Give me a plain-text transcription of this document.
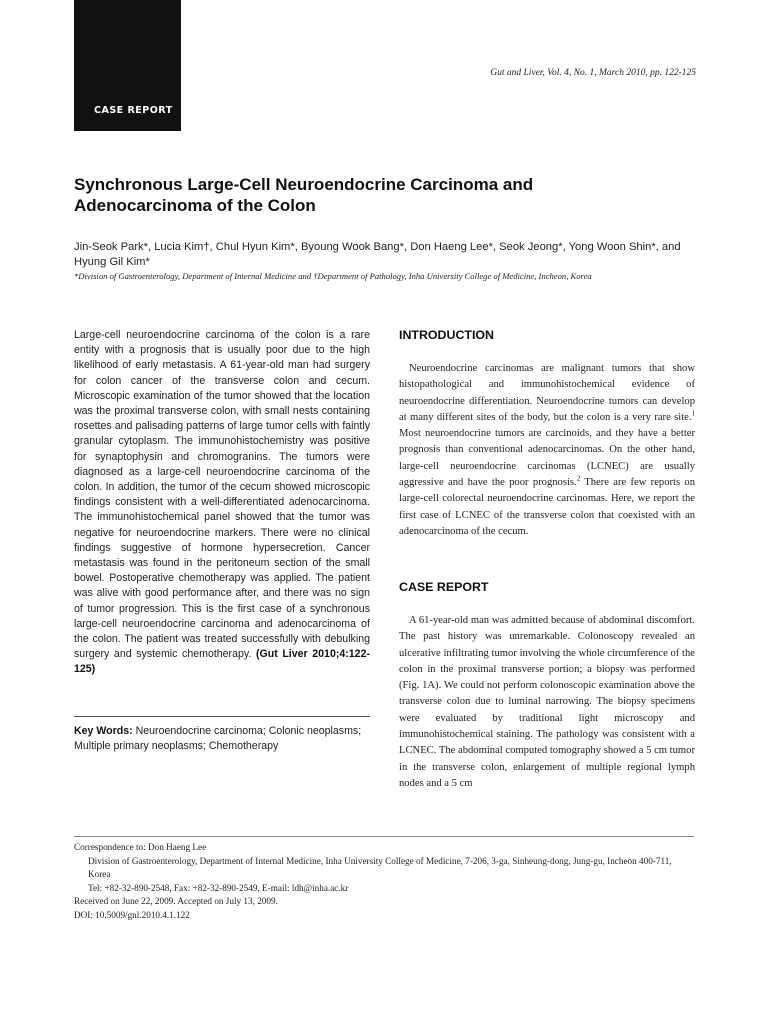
CASE REPORT
Gut and Liver, Vol. 4, No. 1, March 2010, pp. 122-125
Synchronous Large-Cell Neuroendocrine Carcinoma and Adenocarcinoma of the Colon
Jin-Seok Park*, Lucia Kim†, Chul Hyun Kim*, Byoung Wook Bang*, Don Haeng Lee*, Seok Jeong*, Yong Woon Shin*, and Hyung Gil Kim*
*Division of Gastroenterology, Department of Internal Medicine and †Department of Pathology, Inha University College of Medicine, Incheon, Korea

Large-cell neuroendocrine carcinoma of the colon is a rare entity with a prognosis that is usually poor due to the high likelihood of early metastasis. A 61-year-old man had surgery for colon cancer of the transverse colon and cecum. Microscopic examination of the tumor showed that the location was the proximal transverse colon, with small nests containing rosettes and palisading patterns of large tumor cells with faintly granular cytoplasm. The immunohistochemistry was positive for synaptophysin and chromogranins. The tumors were diagnosed as a large-cell neuroendocrine carcinoma of the colon. In addition, the tumor of the cecum showed microscopic findings consistent with a well-differentiated adenocarcinoma. The immunohistochemical panel showed that the tumor was negative for neuroendocrine markers. There were no clinical findings suggestive of hormone hypersecretion. Cancer metastasis was found in the peritoneum section of the small bowel. Postoperative chemotherapy was applied. The patient was alive with good performance after, and there was no sign of tumor progression. This is the first case of a synchronous large-cell neuroendocrine carcinoma and adenocarcinoma of the colon. The patient was treated successfully with debulking surgery and systemic chemotherapy. (Gut Liver 2010;4:122-125)

Key Words: Neuroendocrine carcinoma; Colonic neoplasms; Multiple primary neoplasms; Chemotherapy

INTRODUCTION

Neuroendocrine carcinomas are malignant tumors that show histopathological and immunohistochemical evidence of neuroendocrine differentiation. Neuroendocrine tumors can develop at many different sites of the body, but the colon is a very rare site.$^1$ Most neuroendocrine tumors are carcinoids, and they have a better prognosis than conventional adenocarcinomas. On the other hand, large-cell neuroendocrine carcinomas (LCNEC) are usually aggressive and have the poor prognosis.$^2$ There are few reports on large-cell colorectal neuroendocrine carcinomas. Here, we report the first case of LCNEC of the transverse colon that coexisted with an adenocarcinoma of the cecum.

CASE REPORT

A 61-year-old man was admitted because of abdominal discomfort. The past history was unremarkable. Colonoscopy revealed an ulcerative infiltrating tumor involving the whole circumference of the colon in the proximal transverse portion; a biopsy was performed (Fig. 1A). We could not perform colonoscopic examination above the transverse colon due to luminal narrowing. The biopsy specimens were evaluated by traditional light microscopy and immunohistochemical staining. The pathology was consistent with a LCNEC. The abdominal computed tomography showed a 5 cm tumor in the transverse colon, enlargement of multiple regional lymph nodes and a 5 cm

Correspondence to: Don Haeng Lee
Division of Gastroenterology, Department of Internal Medicine, Inha University College of Medicine, 7-206, 3-ga, Sinheung-dong, Jung-gu, Incheon 400-711, Korea
Tel: +82-32-890-2548, Fax: +82-32-890-2549, E-mail: ldh@inha.ac.kr
Received on June 22, 2009. Accepted on July 13, 2009.
DOI: 10.5009/gnl.2010.4.1.122
